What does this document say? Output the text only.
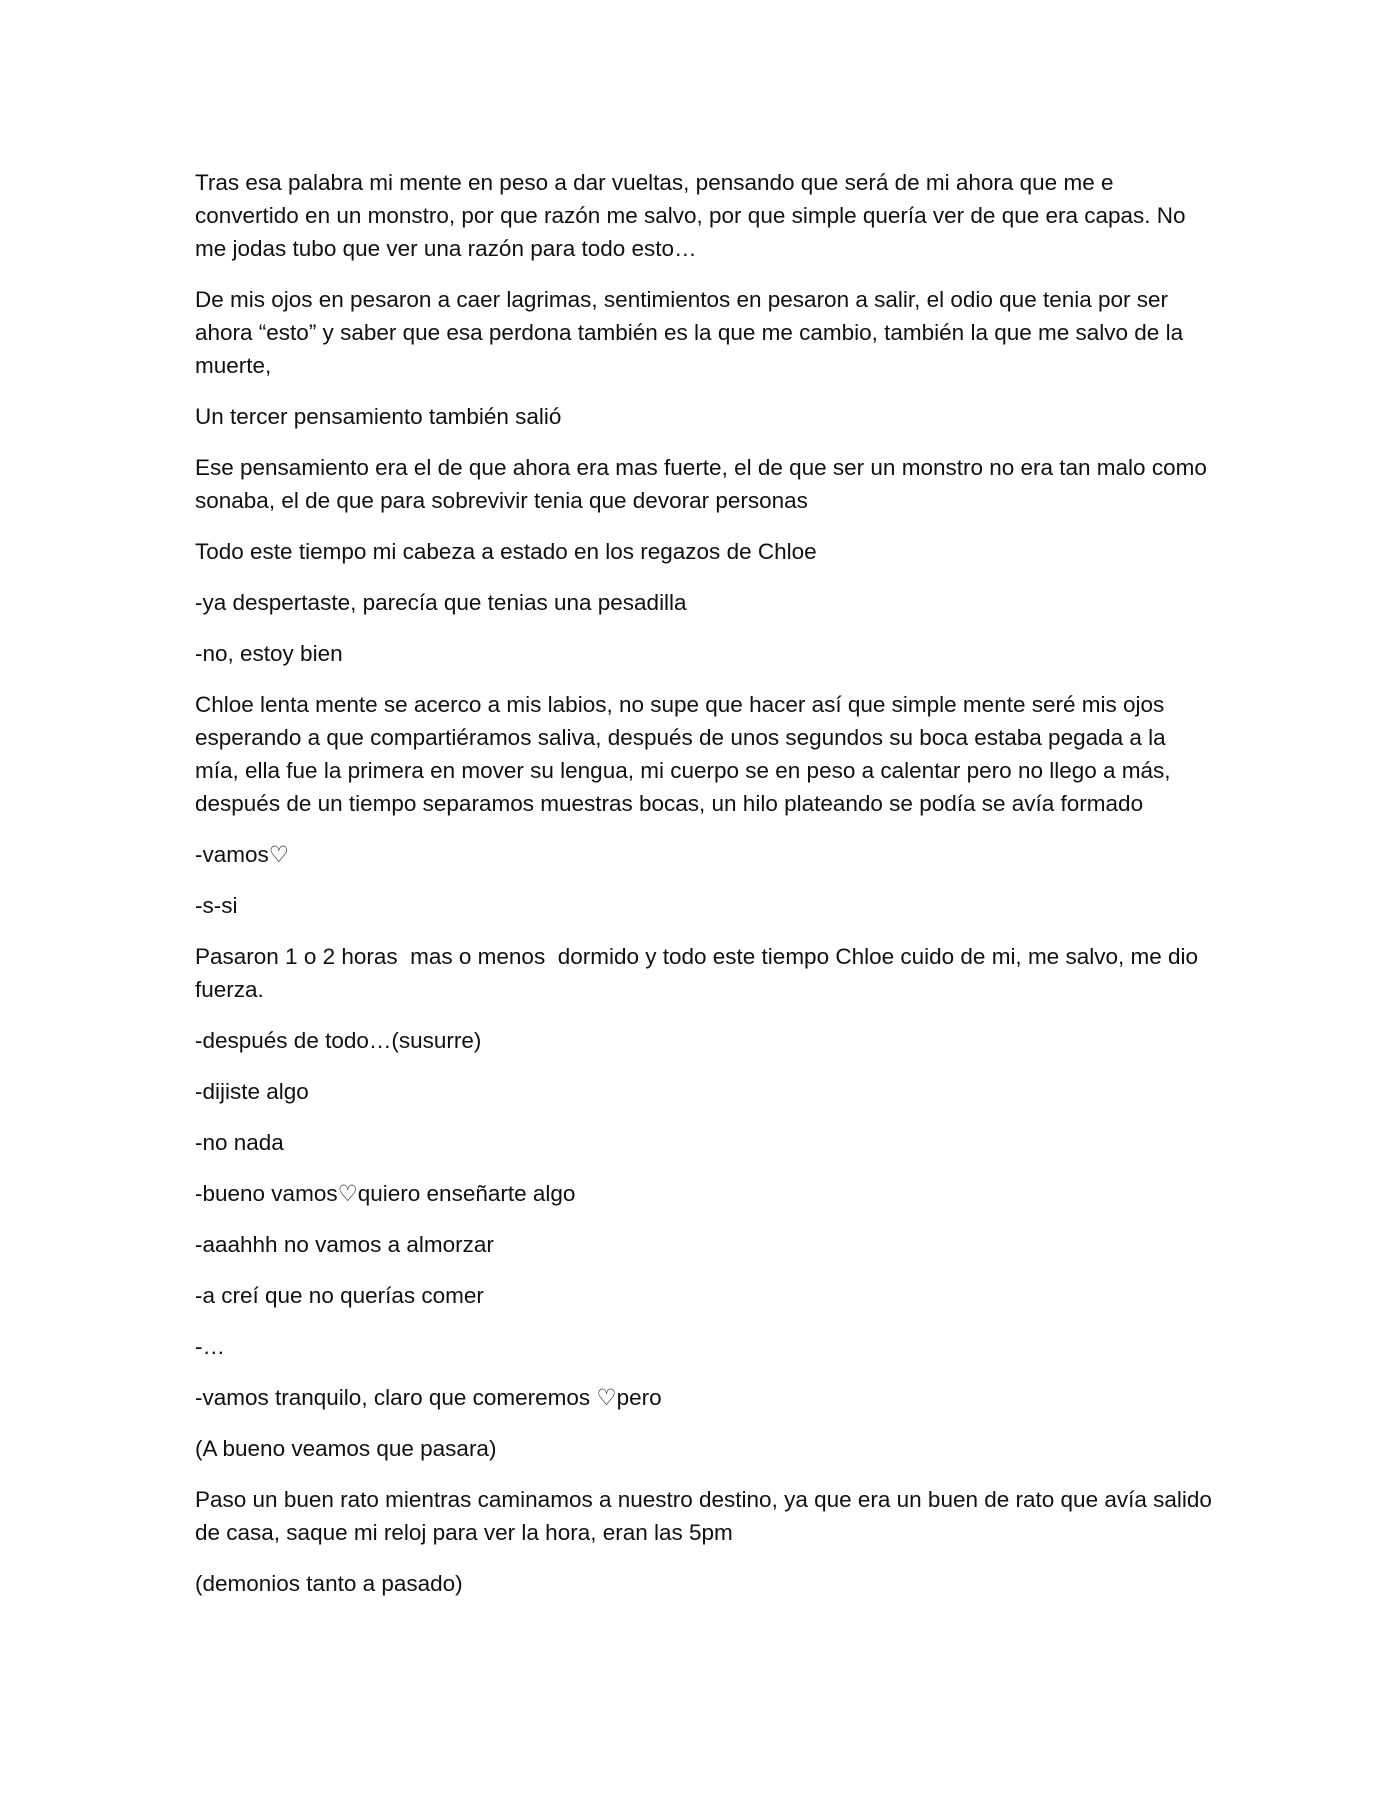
Tras esa palabra mi mente en peso a dar vueltas, pensando que será de mi ahora que me e convertido en un monstro, por que razón me salvo, por que simple quería ver de que era capas. No me jodas tubo que ver una razón para todo esto…

De mis ojos en pesaron a caer lagrimas, sentimientos en pesaron a salir, el odio que tenia por ser ahora “esto” y saber que esa perdona también es la que me cambio, también la que me salvo de la muerte,

Un tercer pensamiento también salió

Ese pensamiento era el de que ahora era mas fuerte, el de que ser un monstro no era tan malo como sonaba, el de que para sobrevivir tenia que devorar personas

Todo este tiempo mi cabeza a estado en los regazos de Chloe

-ya despertaste, parecía que tenias una pesadilla

-no, estoy bien

Chloe lenta mente se acerco a mis labios, no supe que hacer así que simple mente seré mis ojos esperando a que compartiéramos saliva, después de unos segundos su boca estaba pegada a la mía, ella fue la primera en mover su lengua, mi cuerpo se en peso a calentar pero no llego a más, después de un tiempo separamos muestras bocas, un hilo plateando se podía se avía formado

-vamos♡

-s-si

Pasaron 1 o 2 horas  mas o menos  dormido y todo este tiempo Chloe cuido de mi, me salvo, me dio fuerza.

-después de todo…(susurre)

-dijiste algo

-no nada

-bueno vamos♡quiero enseñarte algo

-aaahhh no vamos a almorzar

-a creí que no querías comer

-…

-vamos tranquilo, claro que comeremos ♡pero

(A bueno veamos que pasara)

Paso un buen rato mientras caminamos a nuestro destino, ya que era un buen de rato que avía salido de casa, saque mi reloj para ver la hora, eran las 5pm

(demonios tanto a pasado)
